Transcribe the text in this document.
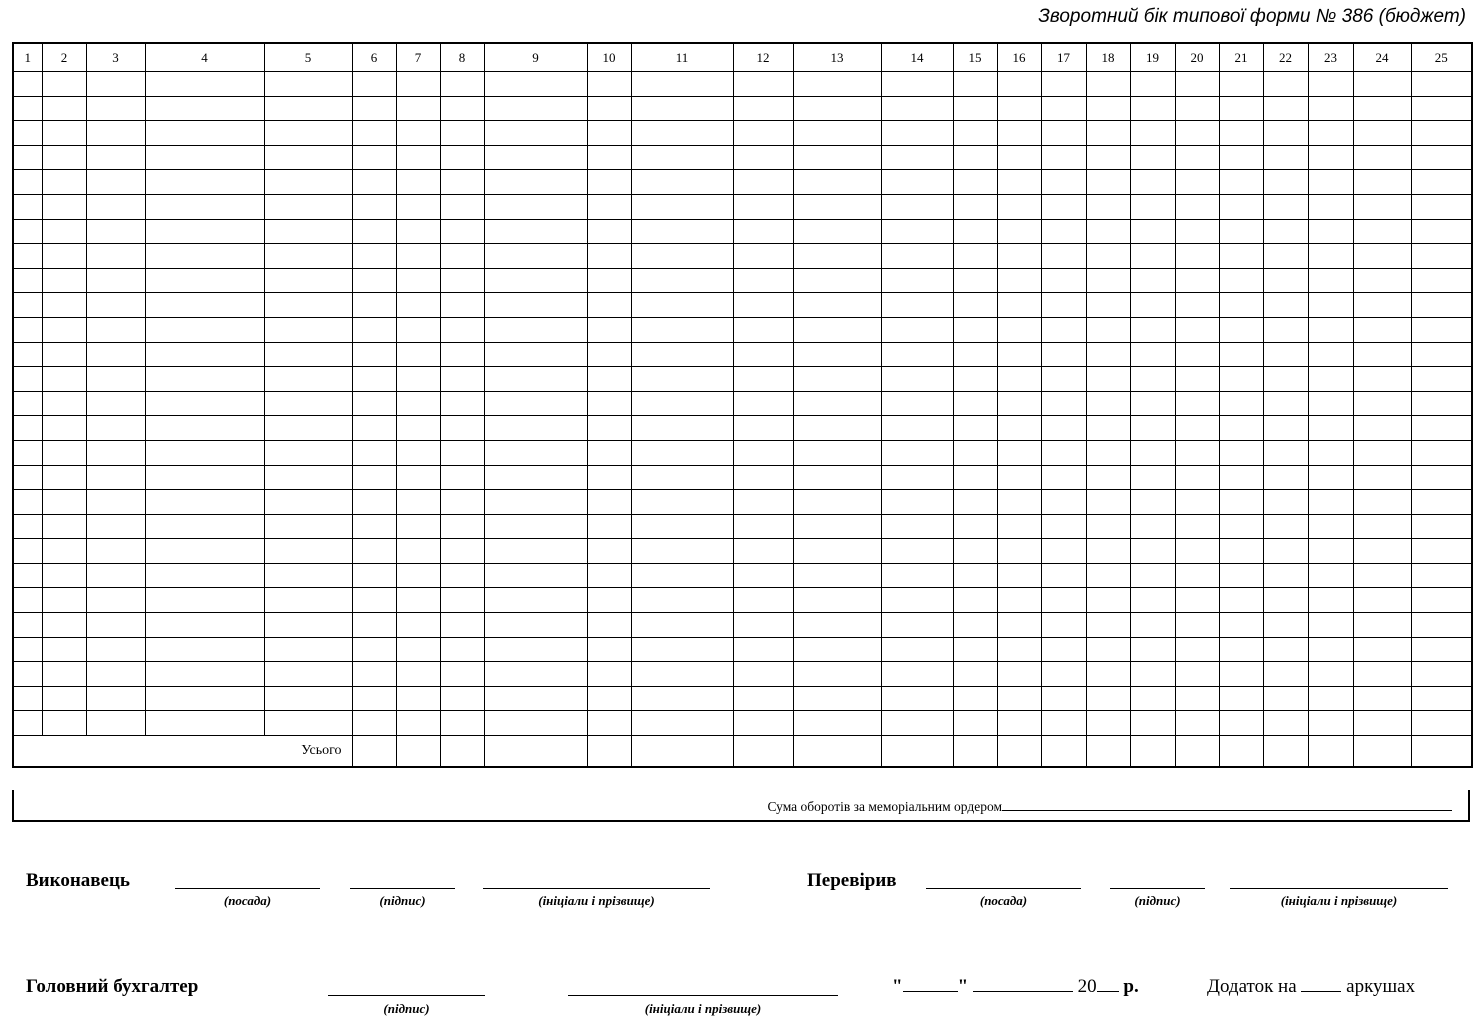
Зворотний бік типової форми № 386 (бюджет)
1	2	3	4	5	6	7	8	9	10	11	12	13	14	15	16	17	18	19	20	21	22	23	24	25

Усього																								
Сума оборотів за меморіальним ордером
Виконавець
(посада)	(підпис)	(ініціали і прізвище)
Перевірив
(посада)	(підпис)	(ініціали і прізвище)
Головний бухгалтер
(підпис)	(ініціали і прізвище)
"	"	20 р.	Додаток на	аркушах
